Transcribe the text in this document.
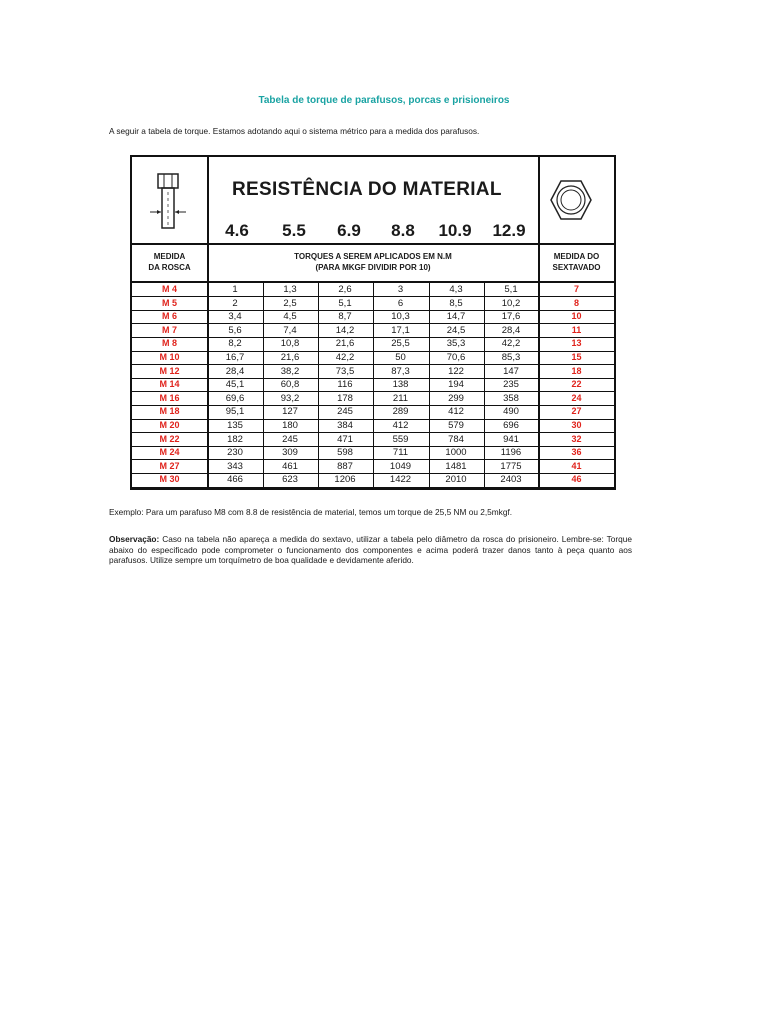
Tabela de torque de parafusos, porcas e prisioneiros
A seguir a tabela de torque. Estamos adotando aqui o sistema métrico para a medida dos parafusos.
RESISTÊNCIA DO MATERIAL
4.6 5.5 6.9 8.8 10.9 12.9
MEDIDA
DA ROSCA
TORQUES A SEREM APLICADOS EM N.M
(PARA MKGF DIVIDIR POR 10)
MEDIDA DO
SEXTAVADO
M 4	1	1,3	2,6	3	4,3	5,1	7
M 5	2	2,5	5,1	6	8,5	10,2	8
M 6	3,4	4,5	8,7	10,3	14,7	17,6	10
M 7	5,6	7,4	14,2	17,1	24,5	28,4	11
M 8	8,2	10,8	21,6	25,5	35,3	42,2	13
M 10	16,7	21,6	42,2	50	70,6	85,3	15
M 12	28,4	38,2	73,5	87,3	122	147	18
M 14	45,1	60,8	116	138	194	235	22
M 16	69,6	93,2	178	211	299	358	24
M 18	95,1	127	245	289	412	490	27
M 20	135	180	384	412	579	696	30
M 22	182	245	471	559	784	941	32
M 24	230	309	598	711	1000	1196	36
M 27	343	461	887	1049	1481	1775	41
M 30	466	623	1206	1422	2010	2403	46
Exemplo: Para um parafuso M8 com 8.8 de resistência de material, temos um torque de 25,5 NM ou 2,5mkgf.
Observação: Caso na tabela não apareça a medida do sextavo, utilizar a tabela pelo diâmetro da rosca do prisioneiro. Lembre-se: Torque abaixo do especificado pode comprometer o funcionamento dos componentes e acima poderá trazer danos tanto à peça quanto aos parafusos. Utilize sempre um torquímetro de boa qualidade e devidamente aferido.
